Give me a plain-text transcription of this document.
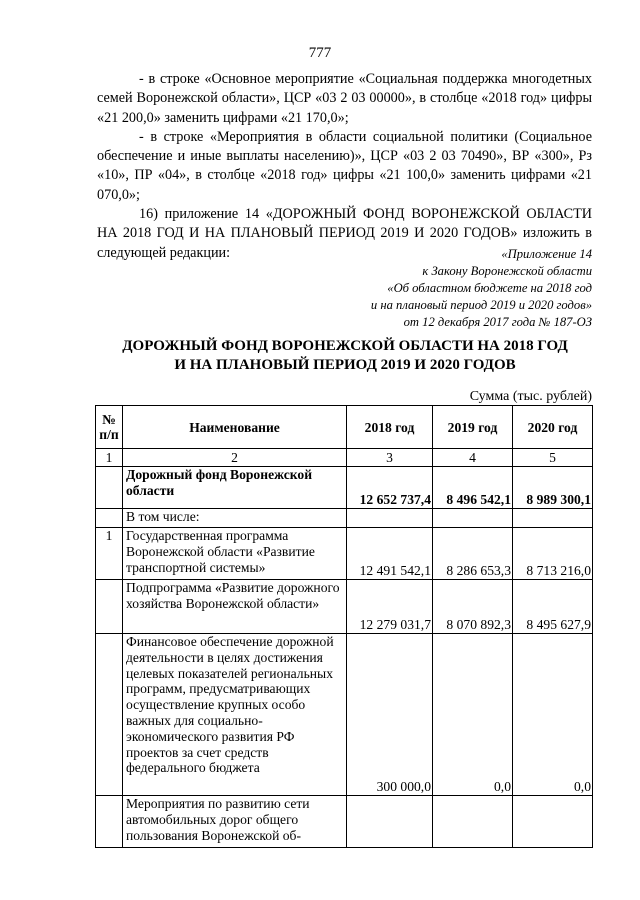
777

- в строке «Основное мероприятие «Социальная поддержка многодетных семей Воронежской области», ЦСР «03 2 03 00000», в столбце «2018 год» цифры «21 200,0» заменить цифрами «21 170,0»;

- в строке «Мероприятия в области социальной политики (Социальное обеспечение и иные выплаты населению)», ЦСР «03 2 03 70490», ВР «300», Рз «10», ПР «04», в столбце «2018 год» цифры «21 100,0» заменить цифрами «21 070,0»;

16) приложение 14 «ДОРОЖНЫЙ ФОНД ВОРОНЕЖСКОЙ ОБЛАСТИ НА 2018 ГОД И НА ПЛАНОВЫЙ ПЕРИОД 2019 И 2020 ГОДОВ» изложить в следующей редакции:	«Приложение 14
к Закону Воронежской области
«Об областном бюджете на 2018 год
и на плановый период 2019 и 2020 годов»
от 12 декабря 2017 года № 187-ОЗ
ДОРОЖНЫЙ ФОНД ВОРОНЕЖСКОЙ ОБЛАСТИ НА 2018 ГОД
И НА ПЛАНОВЫЙ ПЕРИОД 2019 И 2020 ГОДОВ
Сумма (тыс. рублей)
№ п/п	Наименование	2018 год	2019 год	2020 год
1	2	3	4	5
	Дорожный фонд Воронежской области	12 652 737,4	8 496 542,1	8 989 300,1
	В том числе:			
1	Государственная программа Воронежской области «Развитие транспортной системы»	12 491 542,1	8 286 653,3	8 713 216,0
	Подпрограмма «Развитие дорожного хозяйства Воронежской области»	12 279 031,7	8 070 892,3	8 495 627,9
	Финансовое обеспечение дорожной деятельности в целях достижения целевых показателей региональных программ, предусматривающих осуществление крупных особо важных для социально-экономического развития РФ проектов за счет средств федерального бюджета	300 000,0	0,0	0,0
	Мероприятия по развитию сети автомобильных дорог общего пользования Воронежской об-			
